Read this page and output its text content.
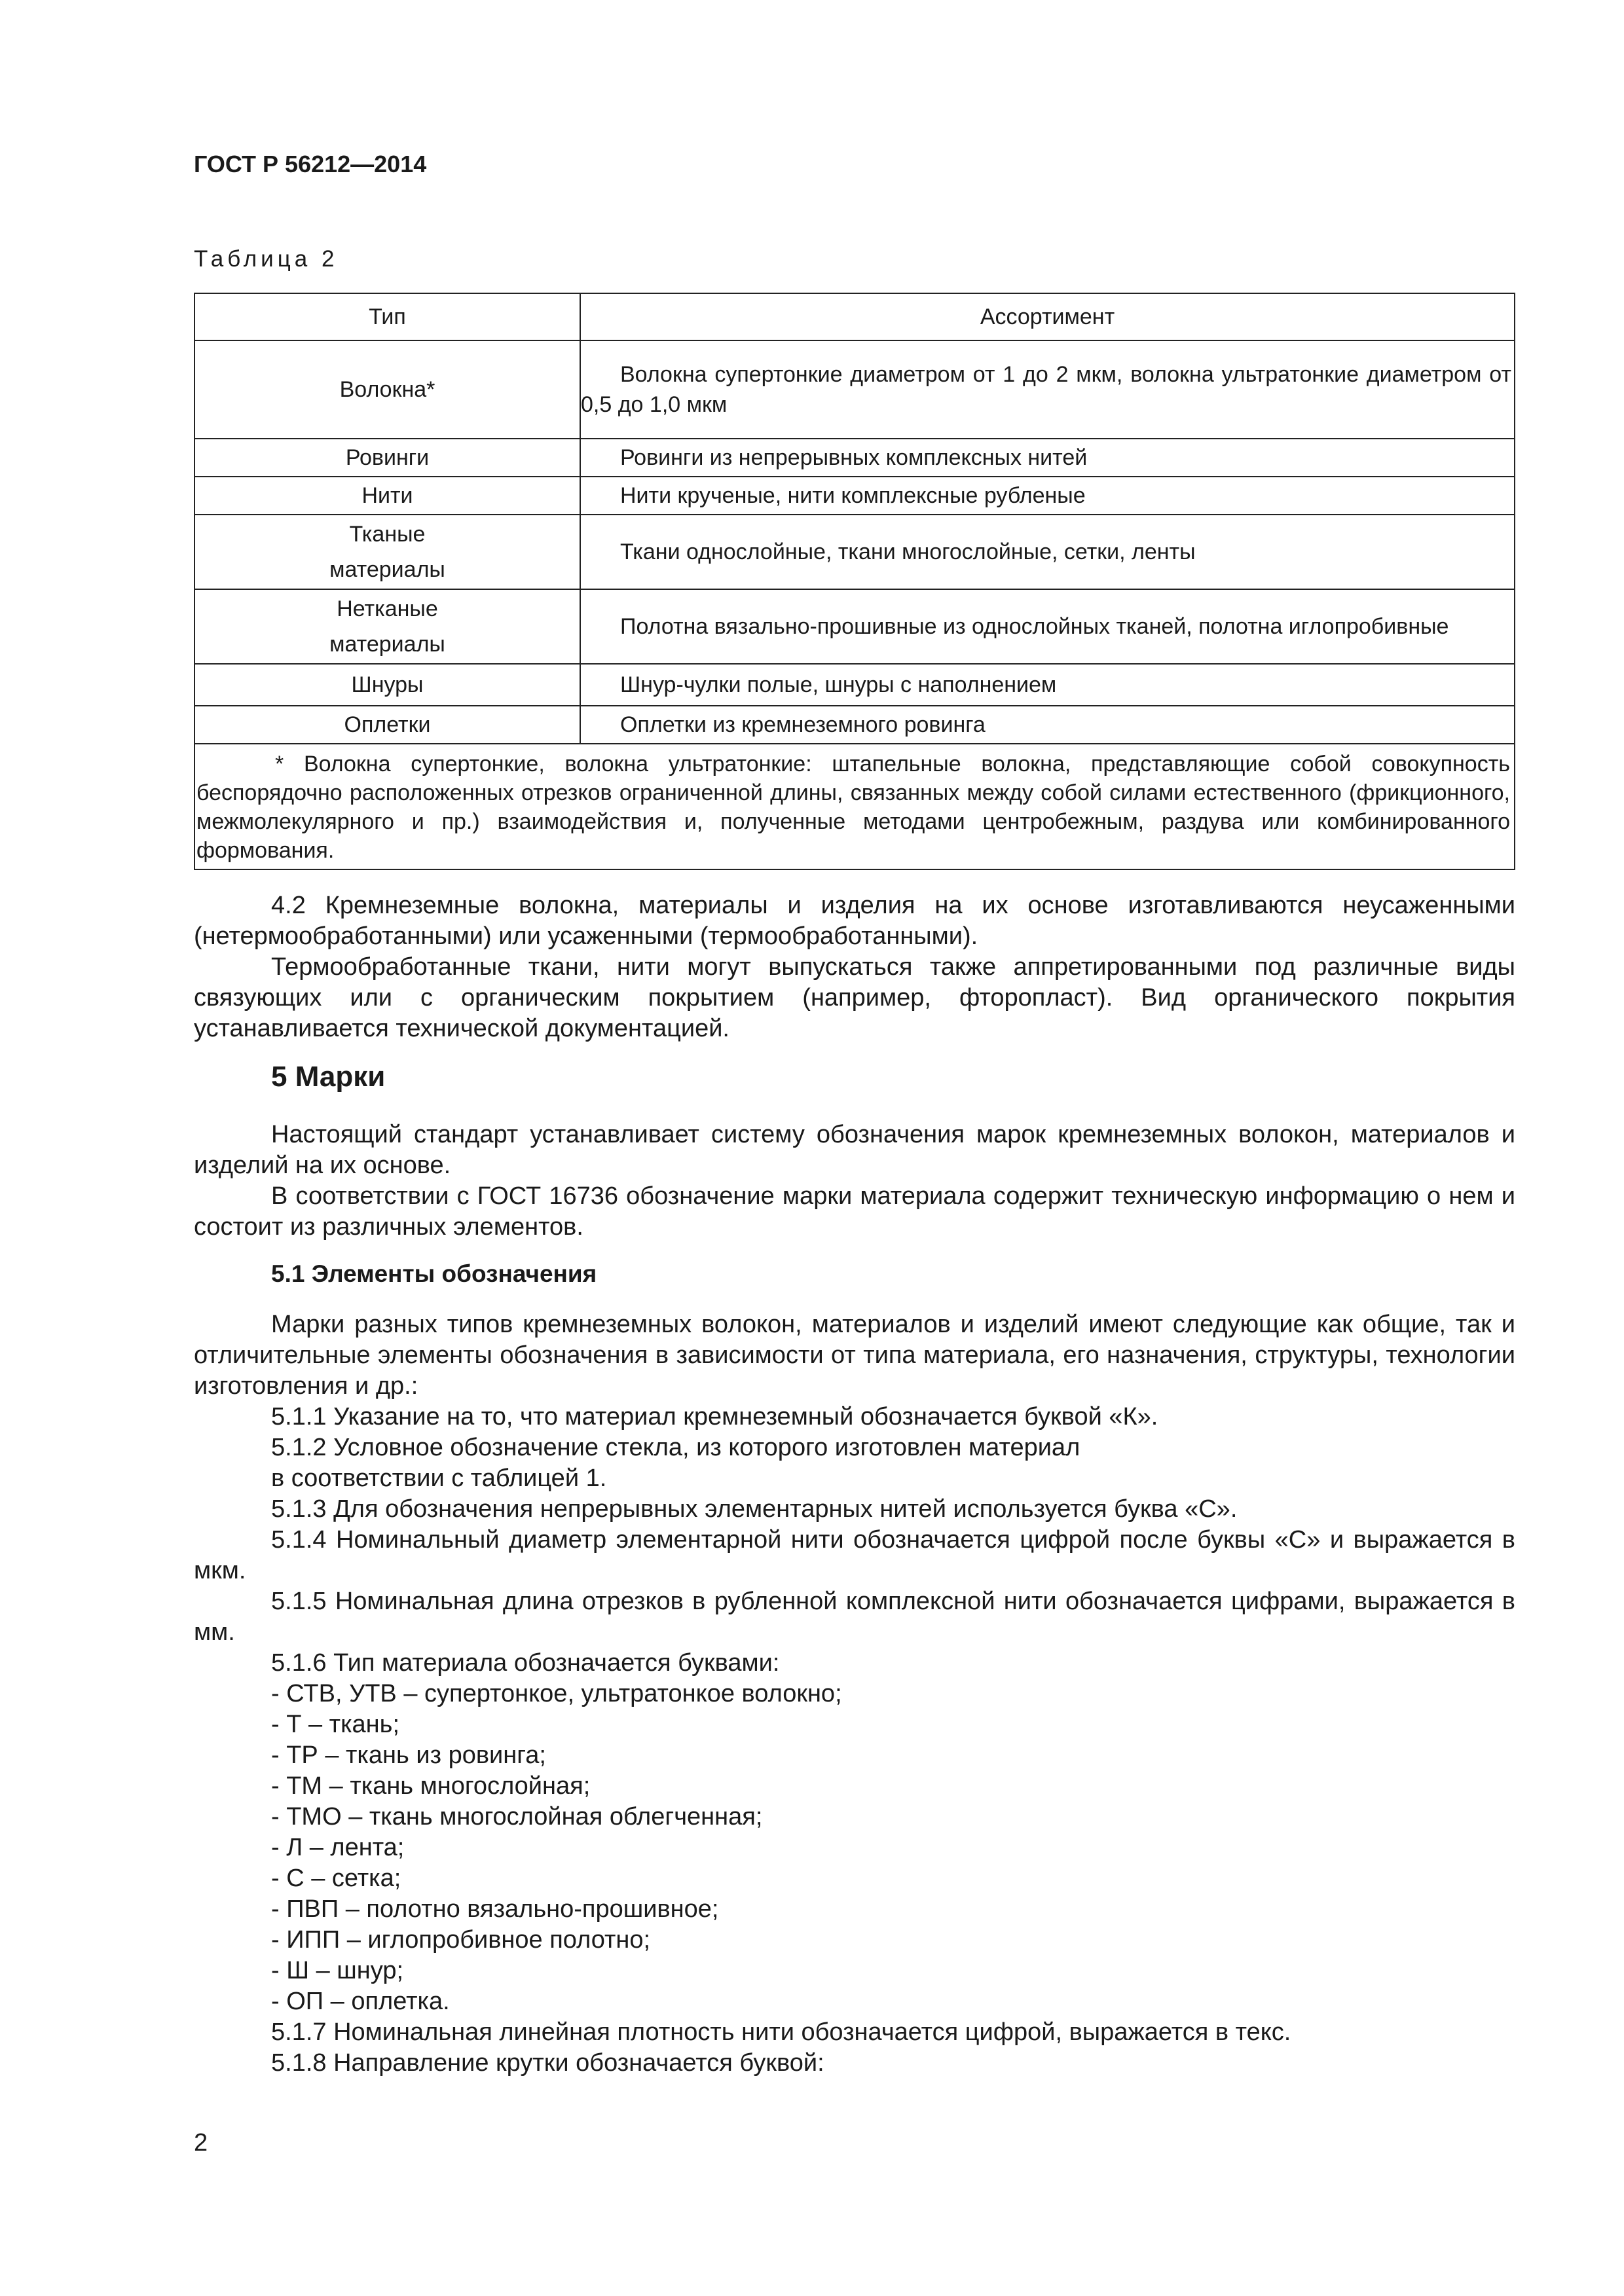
ГОСТ Р 56212—2014
Таблица 2
Тип	Ассортимент
Волокна*	Волокна супертонкие диаметром от 1 до 2 мкм, волокна ультратонкие диаметром от 0,5 до 1,0 мкм

Ровинги	Ровинги из непрерывных комплексных нитей

Нити	Нити крученые, нити комплексные рубленые

Тканые материалы	Ткани однослойные, ткани многослойные, сетки, ленты

Нетканые материалы	Полотна вязально-прошивные из однослойных тканей, полотна иглопробивные

Шнуры	Шнур-чулки полые, шнуры с наполнением

Оплетки	Оплетки из кремнеземного ровинга

* Волокна супертонкие, волокна ультратонкие: штапельные волокна, представляющие собой совокупность беспорядочно расположенных отрезков ограниченной длины, связанных между собой силами естественного (фрикционного, межмолекулярного и пр.) взаимодействия и, полученные методами центробежным, раздува или комбинированного формования.	

4.2 Кремнеземные волокна, материалы и изделия на их основе изготавливаются неусаженными (нетермообработанными) или усаженными (термообработанными).

Термообработанные ткани, нити могут выпускаться также аппретированными под различные виды связующих или с органическим покрытием (например, фторопласт). Вид органического покрытия устанавливается технической документацией.

5 Марки

Настоящий стандарт устанавливает систему обозначения марок кремнеземных волокон, материалов и изделий на их основе.

В соответствии с ГОСТ 16736 обозначение марки материала содержит техническую информацию о нем и состоит из различных элементов.

5.1 Элементы обозначения

Марки разных типов кремнеземных волокон, материалов и изделий имеют следующие как общие, так и отличительные элементы обозначения в зависимости от типа материала, его назначения, структуры, технологии изготовления и др.:

5.1.1 Указание на то, что материал кремнеземный обозначается буквой «К».

5.1.2 Условное обозначение стекла, из которого изготовлен материал

в соответствии с таблицей 1.

5.1.3 Для обозначения непрерывных элементарных нитей используется буква «С».

5.1.4 Номинальный диаметр элементарной нити обозначается цифрой после буквы «С» и выражается в мкм.

5.1.5 Номинальная длина отрезков в рубленной комплексной нити обозначается цифрами, выражается в мм.

5.1.6 Тип материала обозначается буквами:

- СТВ, УТВ – супертонкое, ультратонкое волокно;

- Т – ткань;

- ТР – ткань из ровинга;

- ТМ – ткань многослойная;

- ТМО – ткань многослойная облегченная;

- Л – лента;

- С – сетка;

- ПВП – полотно вязально-прошивное;

- ИПП – иглопробивное полотно;

- Ш – шнур;

- ОП – оплетка.

5.1.7 Номинальная линейная плотность нити обозначается цифрой, выражается в текс.

5.1.8 Направление крутки обозначается буквой:

2
